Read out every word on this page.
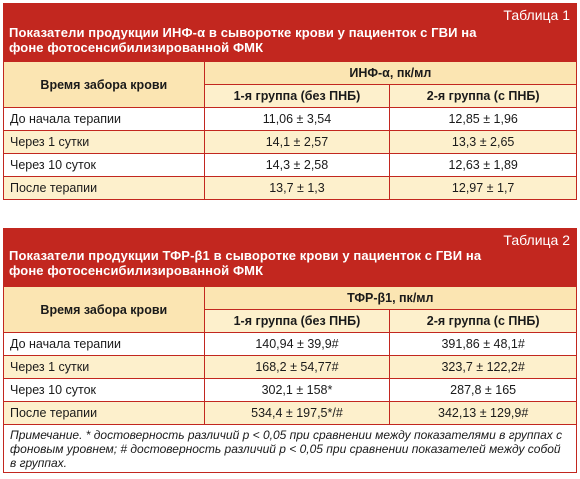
Таблица 1
Показатели продукции ИНФ-α в сыворотке крови у пациенток с ГВИ на фоне фотосенсибилизированной ФМК
Время забора крови	ИНФ-α, пк/мл	
	1-я группа (без ПНБ)	2-я группа (с ПНБ)
До начала терапии	11,06 ± 3,54	12,85 ± 1,96
Через 1 сутки	14,1 ± 2,57	13,3 ± 2,65
Через 10 суток	14,3 ± 2,58	12,63 ± 1,89
После терапии	13,7 ± 1,3	12,97 ± 1,7
Таблица 2
Показатели продукции ТФР-β1 в сыворотке крови у пациенток с ГВИ на фоне фотосенсибилизированной ФМК
Время забора крови	ТФР-β1, пк/мл	
	1-я группа (без ПНБ)	2-я группа (с ПНБ)
До начала терапии	140,94 ± 39,9#	391,86 ± 48,1#
Через 1 сутки	168,2 ± 54,77#	323,7 ± 122,2#
Через 10 суток	302,1 ± 158*	287,8 ± 165
После терапии	534,4 ± 197,5*/#	342,13 ± 129,9#
Примечание. * достоверность различий p < 0,05 при сравнении между показателями в группах с фоновым уровнем; # достоверность различий p < 0,05 при сравнении показателей между собой в группах.
